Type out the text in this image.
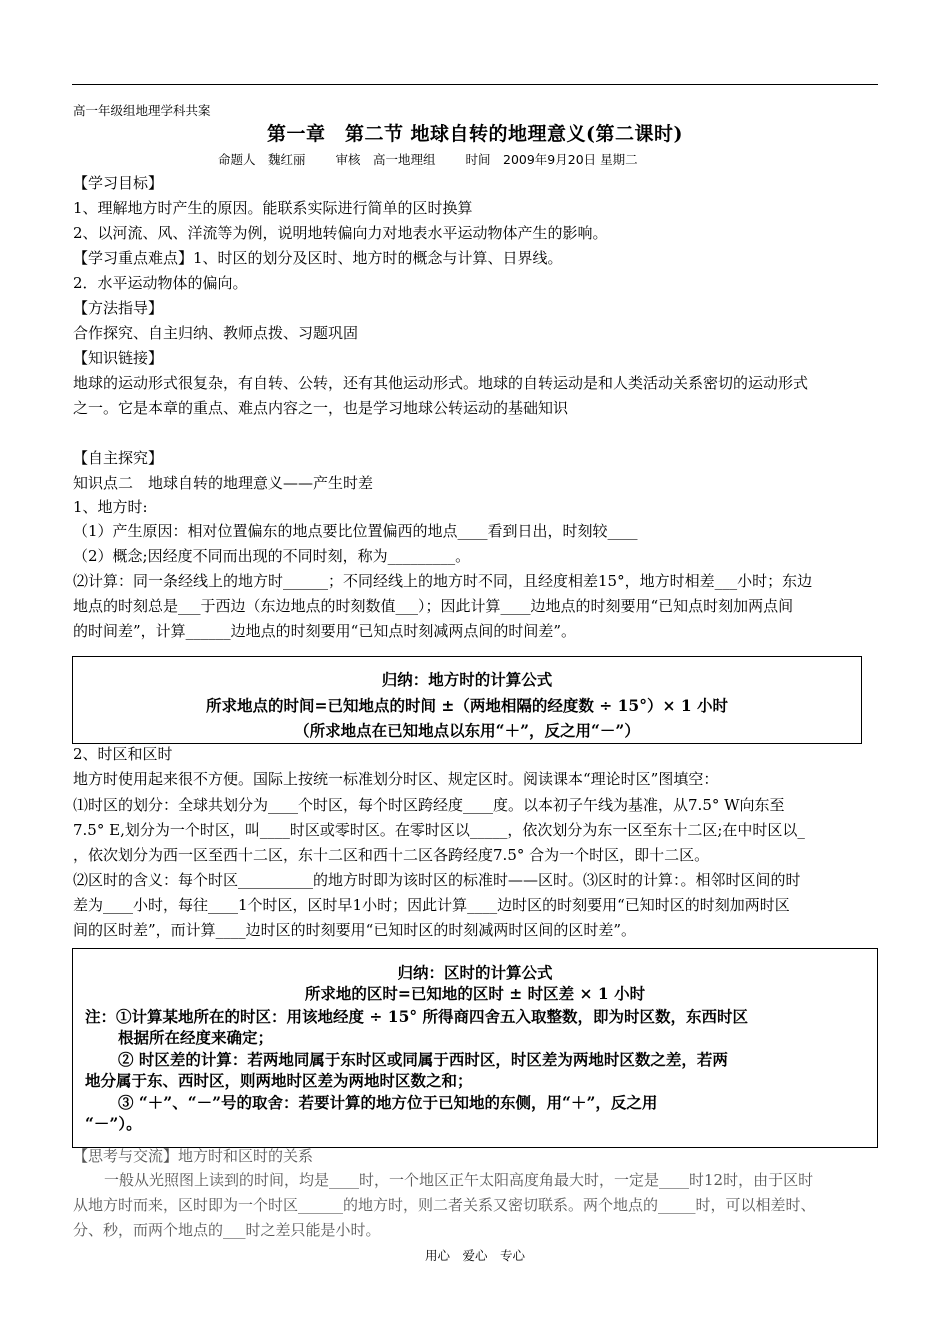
高一年级组地理学科共案
第一章　第二节 地球自转的地理意义(第二课时)
命题人　魏红丽 审核　高一地理组 时间　2009年9月20日 星期二
【学习目标】
1、理解地方时产生的原因。能联系实际进行简单的区时换算
2、以河流、风、洋流等为例，说明地转偏向力对地表水平运动物体产生的影响。
【学习重点难点】1、时区的划分及区时、地方时的概念与计算、日界线。
2．水平运动物体的偏向。
【方法指导】
合作探究、自主归纳、教师点拨、习题巩固
【知识链接】
地球的运动形式很复杂，有自转、公转，还有其他运动形式。地球的自转运动是和人类活动关系密切的运动形式
之一。它是本章的重点、难点内容之一，也是学习地球公转运动的基础知识
【自主探究】
知识点二　地球自转的地理意义——产生时差
1、地方时:
（1）产生原因：相对位置偏东的地点要比位置偏西的地点____看到日出，时刻较____
（2）概念;因经度不同而出现的不同时刻，称为_________。
⑵计算：同一条经线上的地方时______；不同经线上的地方时不同，且经度相差15°，地方时相差___小时；东边
地点的时刻总是___于西边（东边地点的时刻数值___）；因此计算____边地点的时刻要用“已知点时刻加两点间
的时间差”，计算______边地点的时刻要用“已知点时刻减两点间的时间差”。
归纳：地方时的计算公式
所求地点的时间=已知地点的时间 ±（两地相隔的经度数 ÷ 15°）× 1 小时
（所求地点在已知地点以东用“＋”，反之用“－”）
2、时区和区时
地方时使用起来很不方便。国际上按统一标准划分时区、规定区时。阅读课本“理论时区”图填空：
⑴时区的划分：全球共划分为____个时区，每个时区跨经度____度。以本初子午线为基准，从7.5° W向东至
7.5° E,划分为一个时区，叫____时区或零时区。在零时区以_____，依次划分为东一区至东十二区;在中时区以_
，依次划分为西一区至西十二区，东十二区和西十二区各跨经度7.5° 合为一个时区，即十二区。
⑵区时的含义：每个时区__________的地方时即为该时区的标准时——区时。⑶区时的计算：。相邻时区间的时
差为____小时，每往____1个时区，区时早1小时；因此计算____边时区的时刻要用“已知时区的时刻加两时区
间的区时差”，而计算____边时区的时刻要用“已知时区的时刻减两时区间的区时差”。
归纳：区时的计算公式
所求地的区时=已知地的区时 ± 时区差 × 1 小时
注：①计算某地所在的时区：用该地经度 ÷ 15° 所得商四舍五入取整数，即为时区数，东西时区
根据所在经度来确定；
② 时区差的计算：若两地同属于东时区或同属于西时区，时区差为两地时区数之差，若两
地分属于东、西时区，则两地时区差为两地时区数之和；
③ “＋”、“－”号的取舍：若要计算的地方位于已知地的东侧，用“＋”，反之用
“－”）。
【思考与交流】地方时和区时的关系
一般从光照图上读到的时间，均是____时，一个地区正午太阳高度角最大时，一定是____时12时，由于区时
从地方时而来，区时即为一个时区______的地方时，则二者关系又密切联系。两个地点的_____时，可以相差时、
分、秒，而两个地点的___时之差只能是小时。
用心　爱心　专心
